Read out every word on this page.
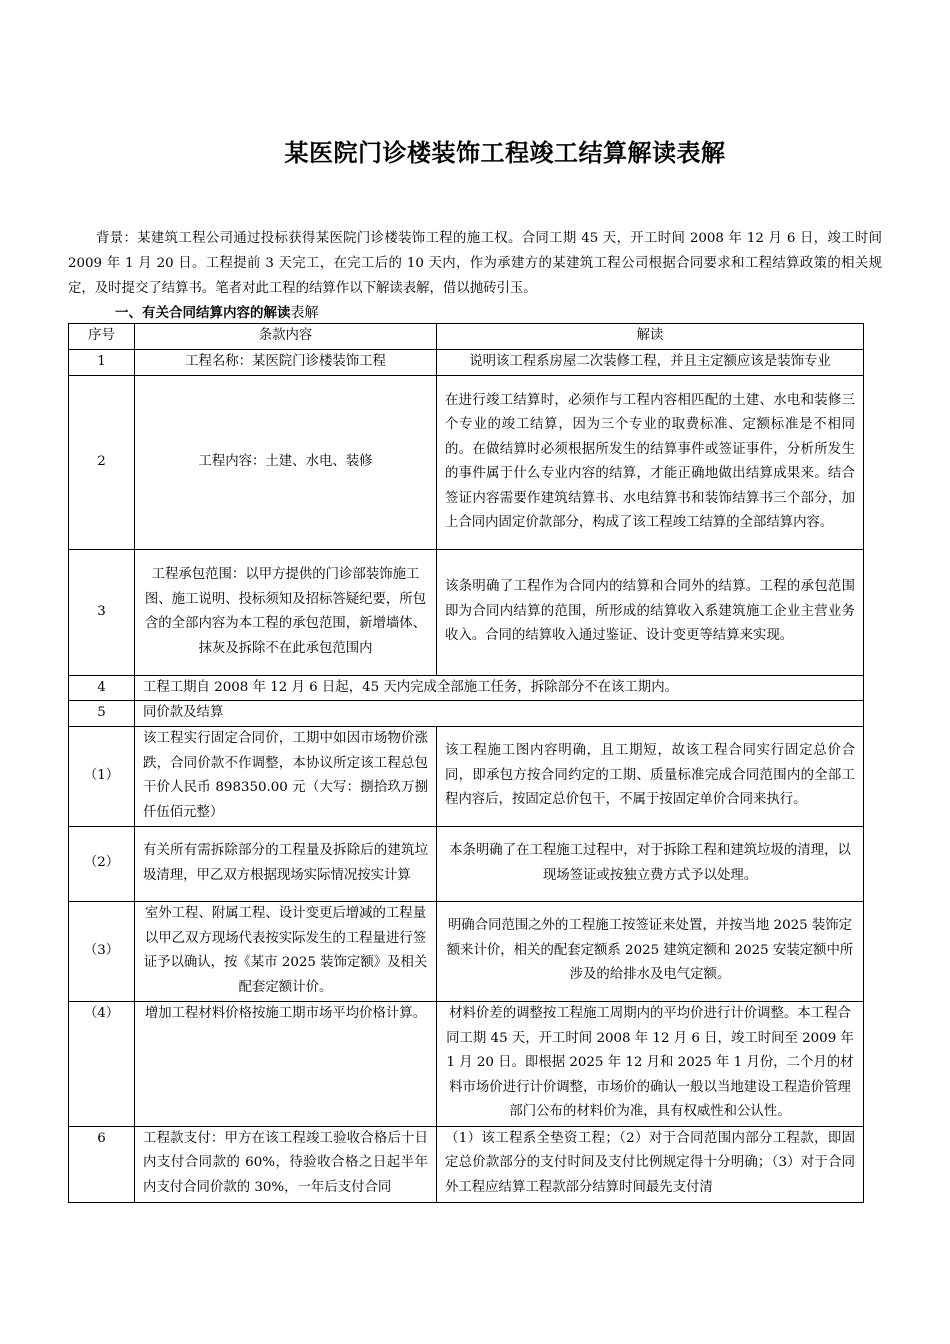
某医院门诊楼装饰工程竣工结算解读表解
背景：某建筑工程公司通过投标获得某医院门诊楼装饰工程的施工权。合同工期 45 天，开工时间 2008 年 12 月 6 日，竣工时间 2009 年 1 月 20 日。工程提前 3 天完工，在完工后的 10 天内，作为承建方的某建筑工程公司根据合同要求和工程结算政策的相关规定，及时提交了结算书。笔者对此工程的结算作以下解读表解，借以抛砖引玉。
一、有关合同结算内容的解读表解
序号	条款内容	解读
1	工程名称：某医院门诊楼装饰工程	说明该工程系房屋二次装修工程，并且主定额应该是装饰专业
2	工程内容：土建、水电、装修	在进行竣工结算时，必须作与工程内容相匹配的土建、水电和装修三个专业的竣工结算，因为三个专业的取费标准、定额标准是不相同的。在做结算时必须根据所发生的结算事件或签证事件，分析所发生的事件属于什么专业内容的结算，才能正确地做出结算成果来。结合签证内容需要作建筑结算书、水电结算书和装饰结算书三个部分，加上合同内固定价款部分，构成了该工程竣工结算的全部结算内容。
3	工程承包范围：以甲方提供的门诊部装饰施工图、施工说明、投标须知及招标答疑纪要，所包含的全部内容为本工程的承包范围，新增墙体、抹灰及拆除不在此承包范围内	该条明确了工程作为合同内的结算和合同外的结算。工程的承包范围即为合同内结算的范围，所形成的结算收入系建筑施工企业主营业务收入。合同的结算收入通过鉴证、设计变更等结算来实现。
4	工程工期自 2008 年 12 月 6 日起，45 天内完成全部施工任务，拆除部分不在该工期内。	
5	同价款及结算	
（1）	该工程实行固定合同价，工期中如因市场物价涨跌，合同价款不作调整，本协议所定该工程总包干价人民币 898350.00 元（大写：捌拾玖万捌仟伍佰元整）	该工程施工图内容明确，且工期短，故该工程合同实行固定总价合同，即承包方按合同约定的工期、质量标准完成合同范围内的全部工程内容后，按固定总价包干，不属于按固定单价合同来执行。
（2）	有关所有需拆除部分的工程量及拆除后的建筑垃圾清理，甲乙双方根据现场实际情况按实计算	本条明确了在工程施工过程中，对于拆除工程和建筑垃圾的清理，以现场签证或按独立费方式予以处理。
（3）	室外工程、附属工程、设计变更后增减的工程量以甲乙双方现场代表按实际发生的工程量进行签证予以确认，按《某市 2025 装饰定额》及相关配套定额计价。	明确合同范围之外的工程施工按签证来处置，并按当地 2025 装饰定额来计价，相关的配套定额系 2025 建筑定额和 2025 安装定额中所涉及的给排水及电气定额。
（4）	增加工程材料价格按施工期市场平均价格计算。	材料价差的调整按工程施工周期内的平均价进行计价调整。本工程合同工期 45 天，开工时间 2008 年 12 月 6 日，竣工时间至 2009 年 1 月 20 日。即根据 2025 年 12 月和 2025 年 1 月份，二个月的材料市场价进行计价调整，市场价的确认一般以当地建设工程造价管理部门公布的材料价为准，具有权威性和公认性。
6	工程款支付：甲方在该工程竣工验收合格后十日内支付合同款的 60%，待验收合格之日起半年内支付合同价款的 30%，一年后支付合同	（1）该工程系全垫资工程；（2）对于合同范围内部分工程款，即固定总价款部分的支付时间及支付比例规定得十分明确；（3）对于合同外工程应结算工程款部分结算时间最先支付清
